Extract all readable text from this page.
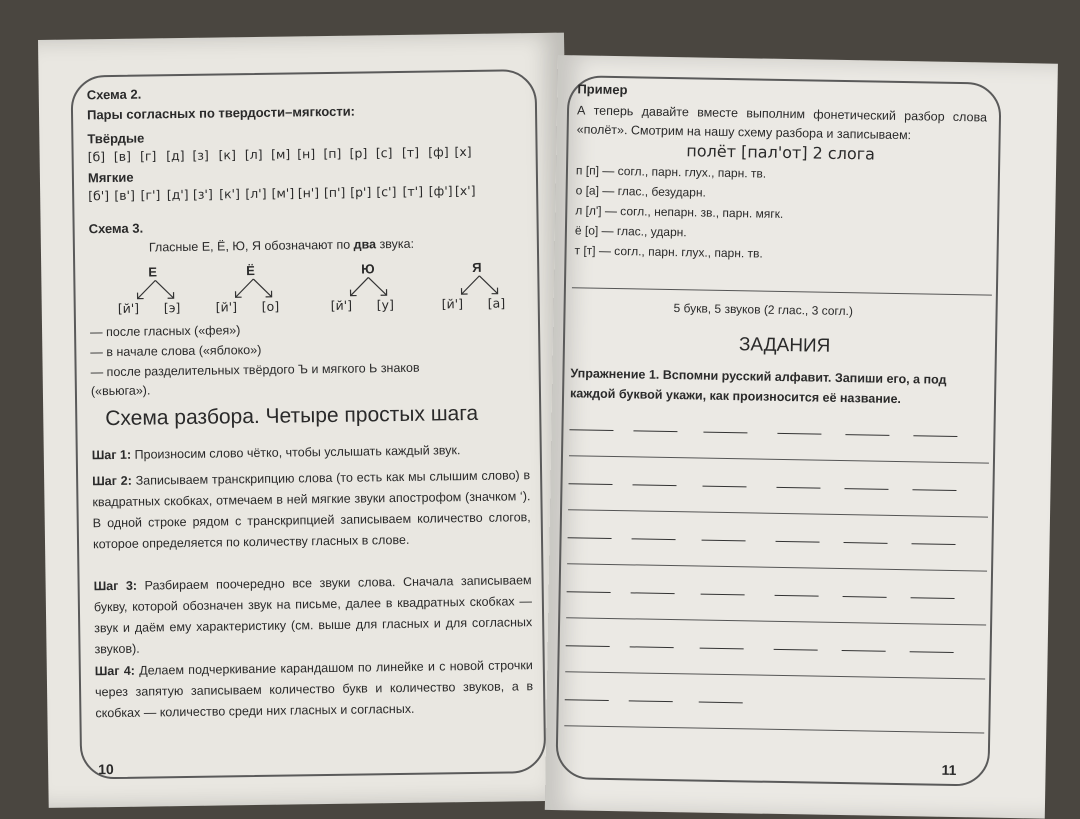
Схема 2.
Пары согласных по твердости–мягкости:
Твёрдые
[б] [в] [г] [д] [з] [к] [л] [м] [н] [п] [р] [с] [т] [ф] [х]
Мягкие
[б'] [в'] [г'] [д'] [з'] [к'] [л'] [м'] [н'] [п'] [р'] [с'] [т'] [ф'] [х']
Схема 3.
Гласные Е, Ё, Ю, Я обозначают по два звука:
Е
[й'] [э]
Ё
[й'] [о]
Ю
[й'] [у]
Я
[й'] [а]
— после гласных («фея»)
— в начале слова («яблоко»)
— после разделительных твёрдого Ъ и мягкого Ь знаков
(«вьюга»).
Схема разбора. Четыре простых шага
Шаг 1: Произносим слово чётко, чтобы услышать каждый звук.
Шаг 2: Записываем транскрипцию слова (то есть как мы слышим слово) в квадратных скобках, отмечаем в ней мягкие звуки апострофом (значком ‘). В одной строке рядом с транскрипцией записываем количество слогов, которое определяется по количеству гласных в слове.
Шаг 3: Разбираем поочередно все звуки слова. Сначала записываем букву, которой обозначен звук на письме, далее в квадратных скобках — звук и даём ему характеристику (см. выше для гласных и для согласных звуков).
Шаг 4: Делаем подчеркивание карандашом по линейке и с новой строчки через запятую записываем количество букв и количество звуков, а в скобках — количество среди них гласных и согласных.
10
Пример
А теперь давайте вместе выполним фонетический разбор слова «полёт». Смотрим на нашу схему разбора и записываем:
полёт [пал'от] 2 слога
п [п] — согл., парн. глух., парн. тв.
о [а] — глас., безударн.
л [л'] — согл., непарн. зв., парн. мягк.
ё [о] — глас., ударн.
т [т] — согл., парн. глух., парн. тв.
5 букв, 5 звуков (2 глас., 3 согл.)
ЗАДАНИЯ
Упражнение 1. Вспомни русский алфавит. Запиши его, а под каждой буквой укажи, как произносится её название.
11
